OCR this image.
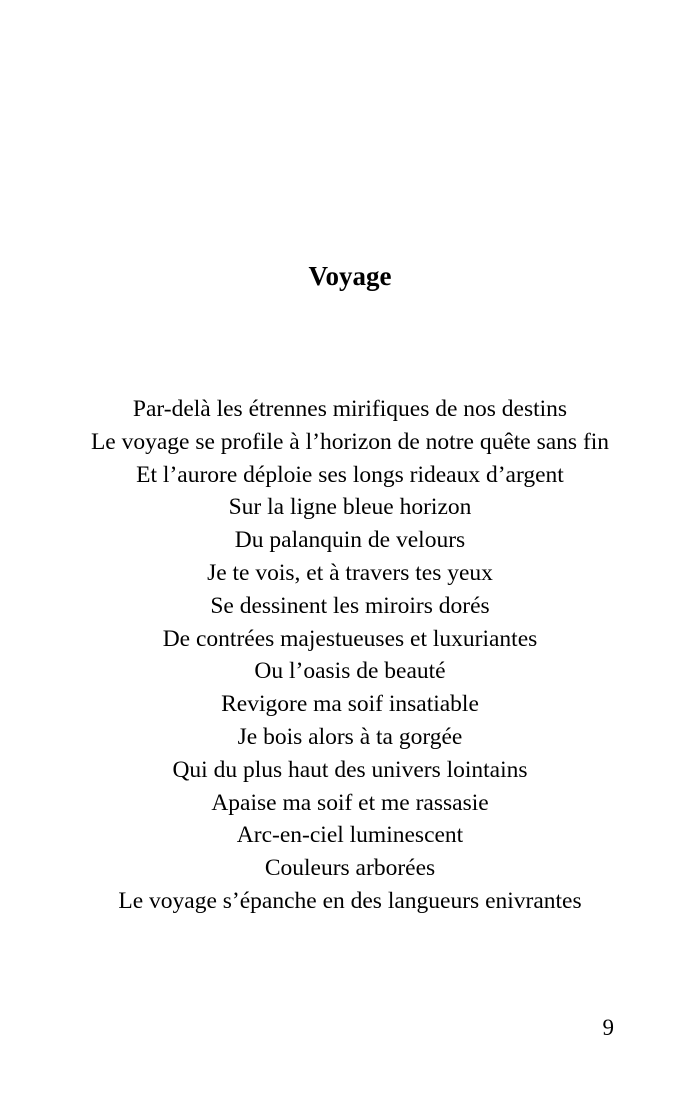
Voyage
Par-delà les étrennes mirifiques de nos destins
Le voyage se profile à l’horizon de notre quête sans fin
Et l’aurore déploie ses longs rideaux d’argent
Sur la ligne bleue horizon
Du palanquin de velours
Je te vois, et à travers tes yeux
Se dessinent les miroirs dorés
De contrées majestueuses et luxuriantes
Ou l’oasis de beauté
Revigore ma soif insatiable
Je bois alors à ta gorgée
Qui du plus haut des univers lointains
Apaise ma soif et me rassasie
Arc-en-ciel luminescent
Couleurs arborées
Le voyage s’épanche en des langueurs enivrantes
9
